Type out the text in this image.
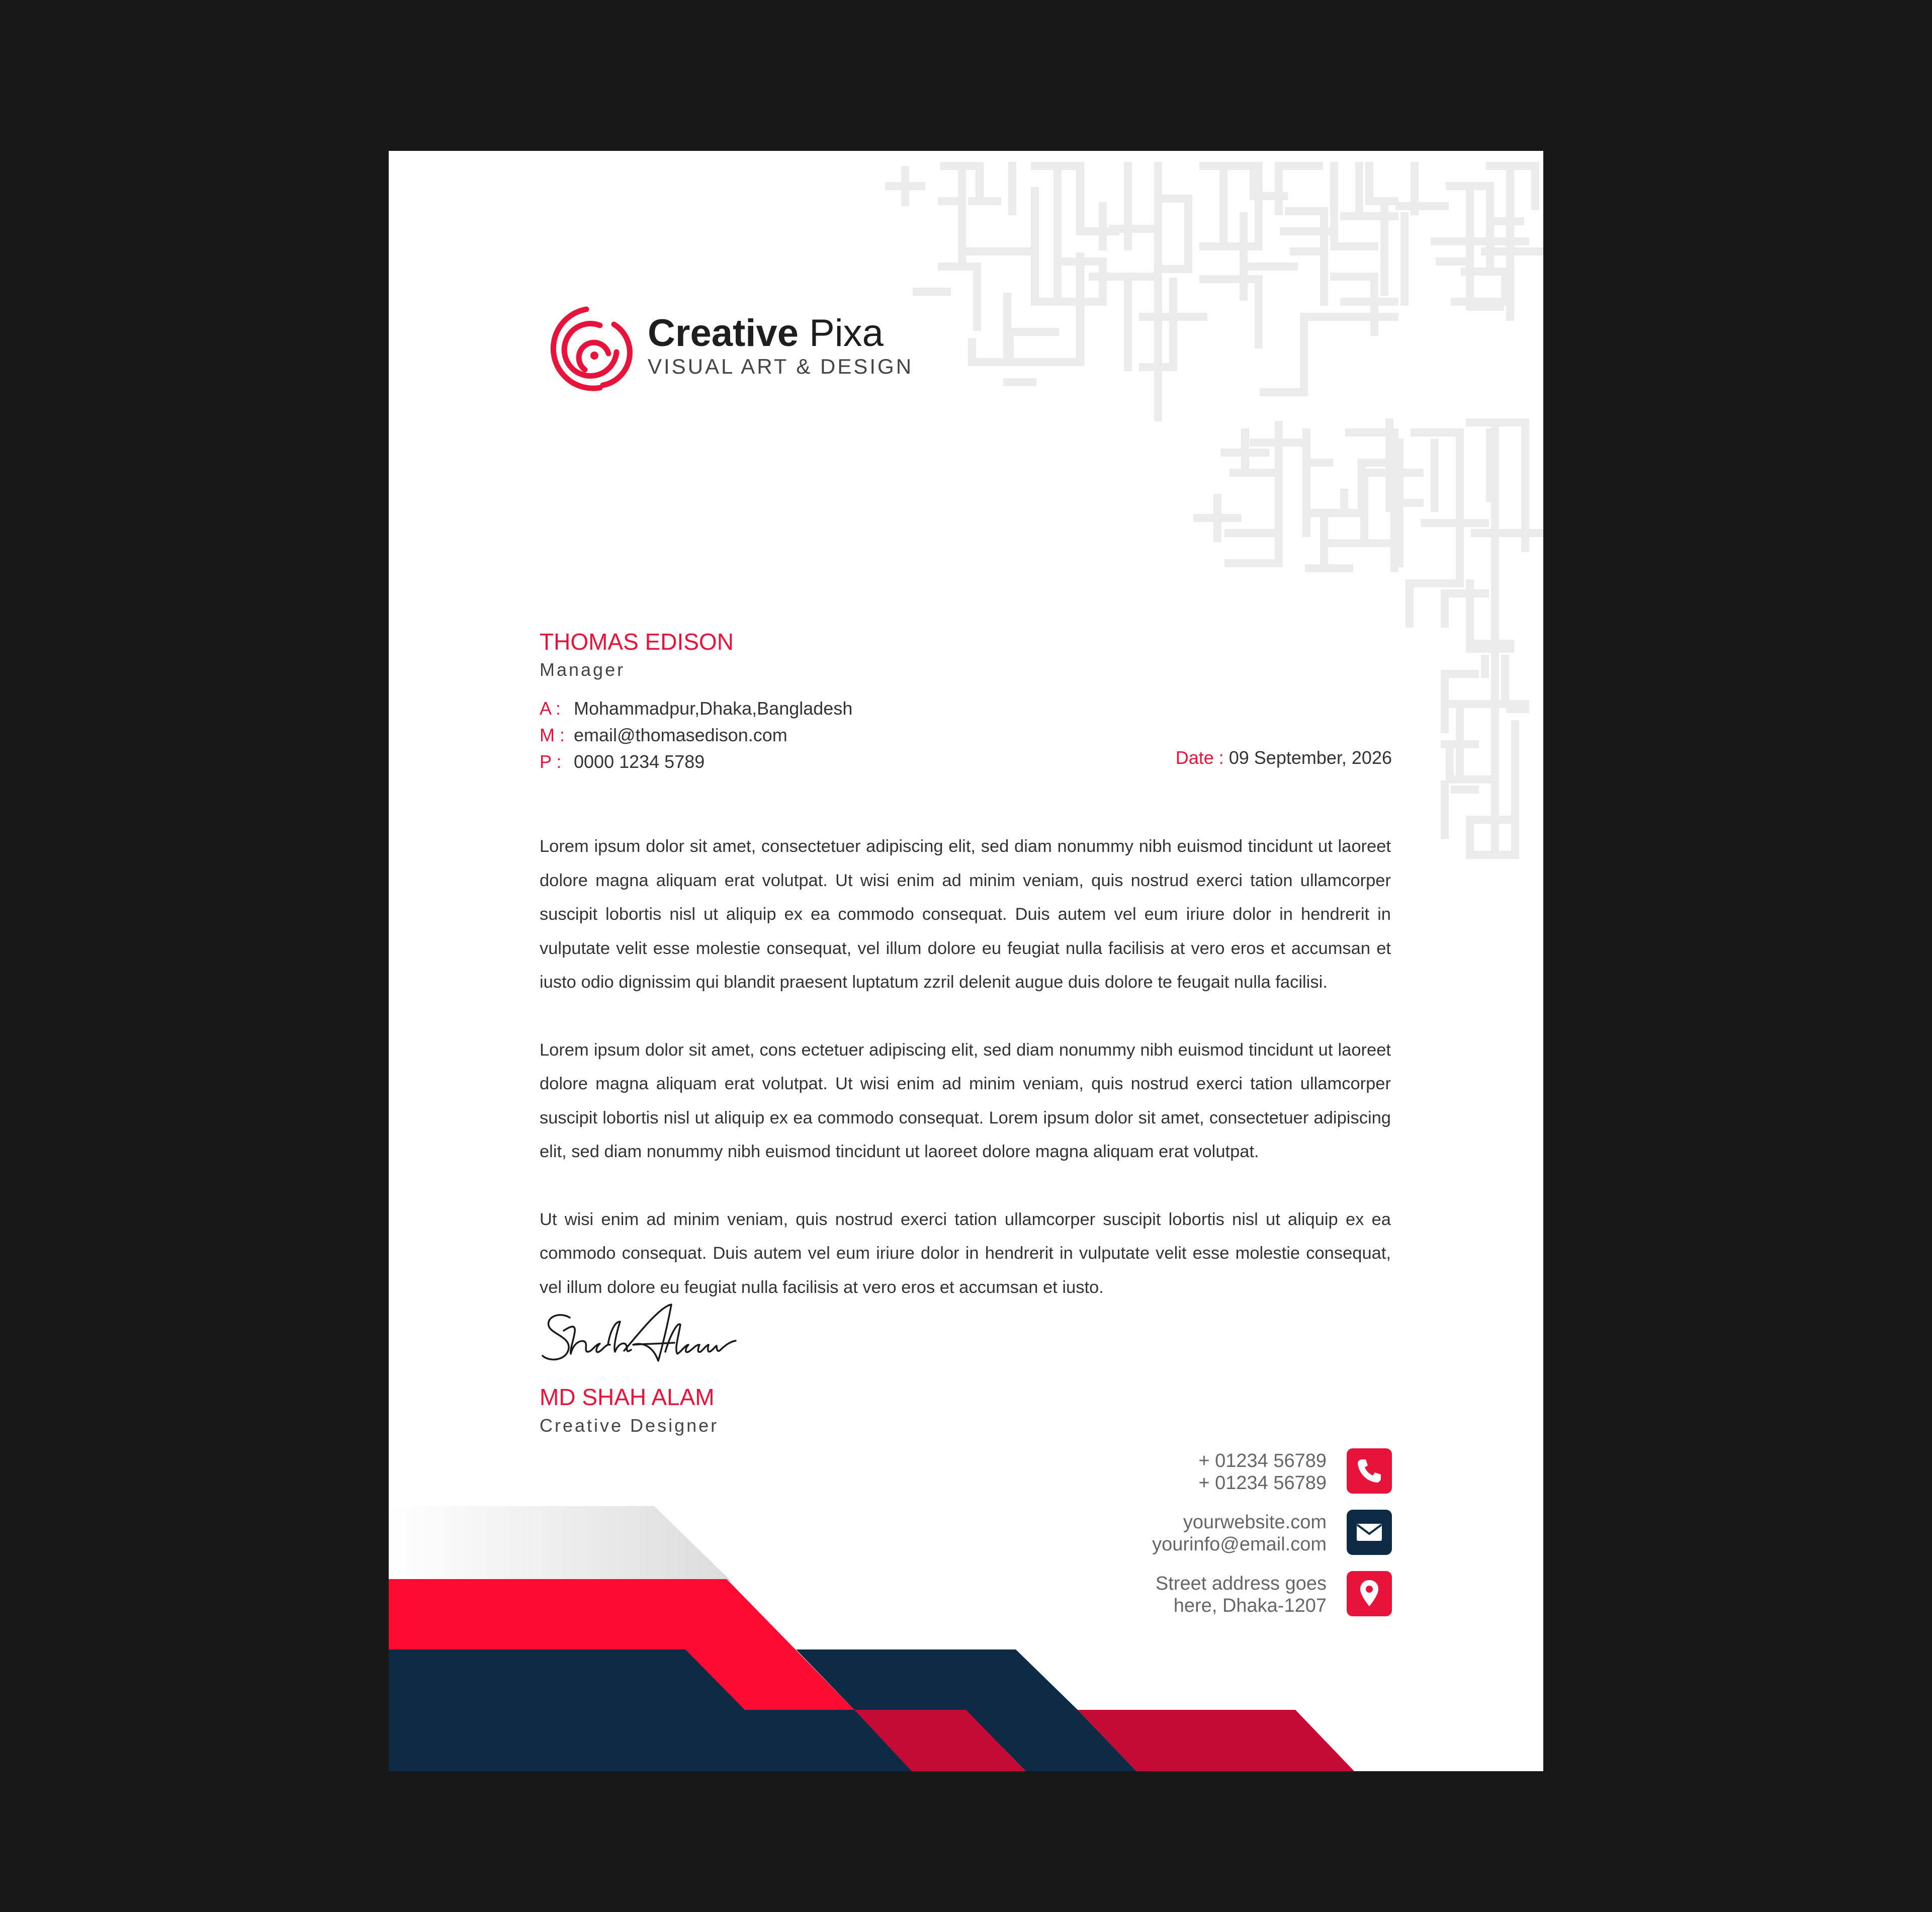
Creative Pixa
VISUAL ART & DESIGN
THOMAS EDISON
Manager
A : Mohammadpur,Dhaka,Bangladesh
M : email@thomasedison.com
P : 0000 1234 5789	Date : 09 September, 2026

Lorem ipsum dolor sit amet, consectetuer adipiscing elit, sed diam nonummy nibh euismod tincidunt ut laoreet dolore magna aliquam erat volutpat. Ut wisi enim ad minim veniam, quis nostrud exerci tation ullamcorper suscipit lobortis nisl ut aliquip ex ea commodo consequat. Duis autem vel eum iriure dolor in hendrerit in vulputate velit esse molestie consequat, vel illum dolore eu feugiat nulla facilisis at vero eros et accumsan et iusto odio dignissim qui blandit praesent luptatum zzril delenit augue duis dolore te feugait nulla facilisi.

Lorem ipsum dolor sit amet, cons ectetuer adipiscing elit, sed diam nonummy nibh euismod tincidunt ut laoreet dolore magna aliquam erat volutpat. Ut wisi enim ad minim veniam, quis nostrud exerci tation ullamcorper suscipit lobortis nisl ut aliquip ex ea commodo consequat. Lorem ipsum dolor sit amet, consectetuer adipiscing elit, sed diam nonummy nibh euismod tincidunt ut laoreet dolore magna aliquam erat volutpat.

Ut wisi enim ad minim veniam, quis nostrud exerci tation ullamcorper suscipit lobortis nisl ut aliquip ex ea commodo consequat. Duis autem vel eum iriure dolor in hendrerit in vulputate velit esse molestie consequat, vel illum dolore eu feugiat nulla facilisis at vero eros et accumsan et iusto.

MD SHAH ALAM
Creative Designer
+ 01234 56789
+ 01234 56789
yourwebsite.com
yourinfo@email.com
Street address goes
here, Dhaka-1207
